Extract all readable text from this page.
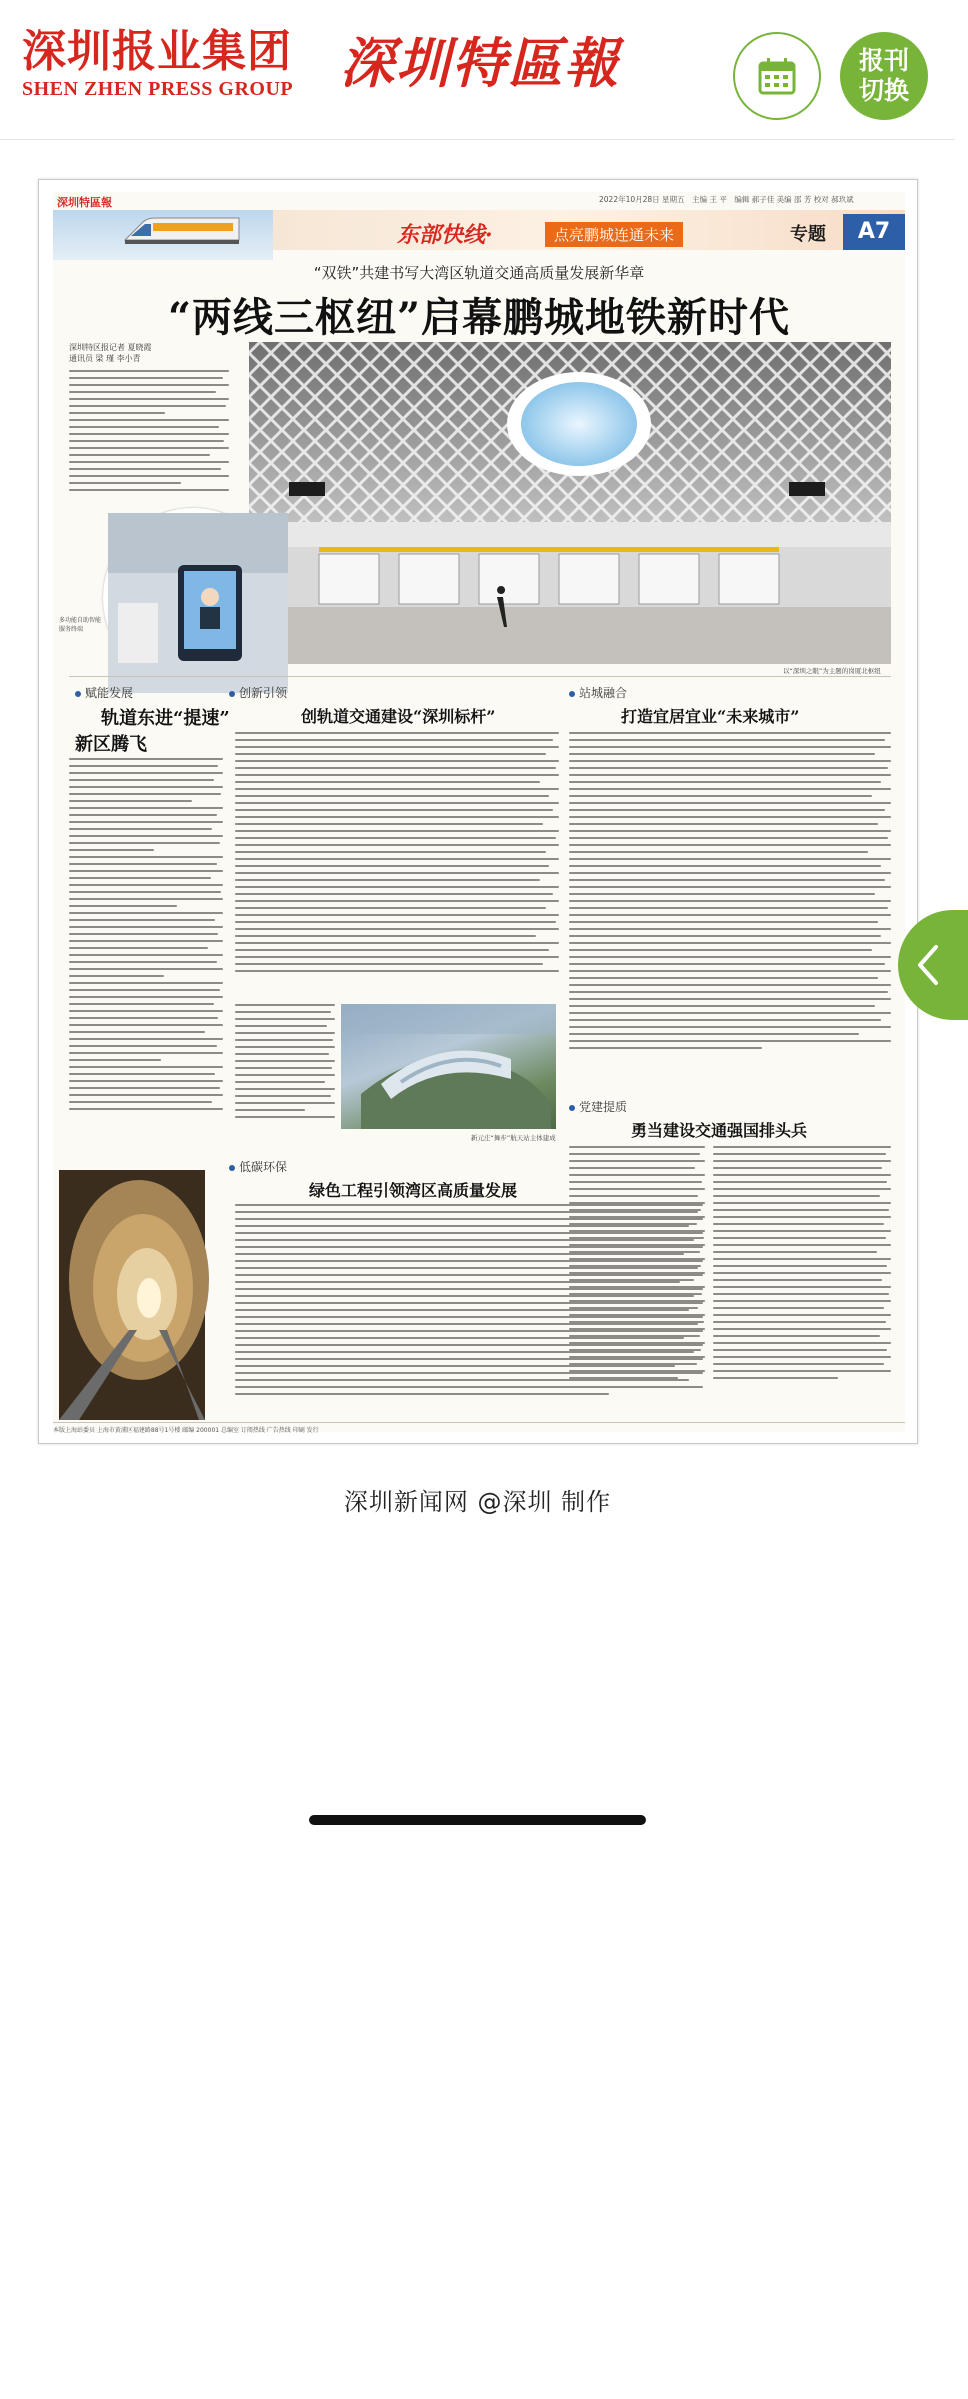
深圳报业集团
SHEN ZHEN PRESS GROUP 深圳特區報	报刊
切换
深圳特區報	2022年10月28日 星期五　主编 王 平　编辑 郝子佳 美编 邵 芳 校对 郝玖斌
东部快线·	点亮鹏城连通未来	专题	A7
“双铁”共建书写大湾区轨道交通高质量发展新华章
“两线三枢纽”启幕鹏城地铁新时代
深圳特区报记者 夏晓霞
通讯员 梁 瑾 李小青
以“深圳之眼”为主题的岗厦北枢纽
多功能自助智能服务终端
赋能发展
轨道东进“提速”
新区腾飞
施工中的14号线隧道盾构区
创新引领
创轨道交通建设“深圳标杆”
新元庄“舞步”航天站主体建成
低碳环保
绿色工程引领湾区高质量发展
站城融合
打造宜居宜业“未来城市”
党建提质
勇当建设交通强国排头兵
本版上海站委员 上海市黄浦区福建路88号1号楼 邮编 200001 总编室 订阅热线 广告热线 印刷 发行
深圳新闻网 @深圳 制作
